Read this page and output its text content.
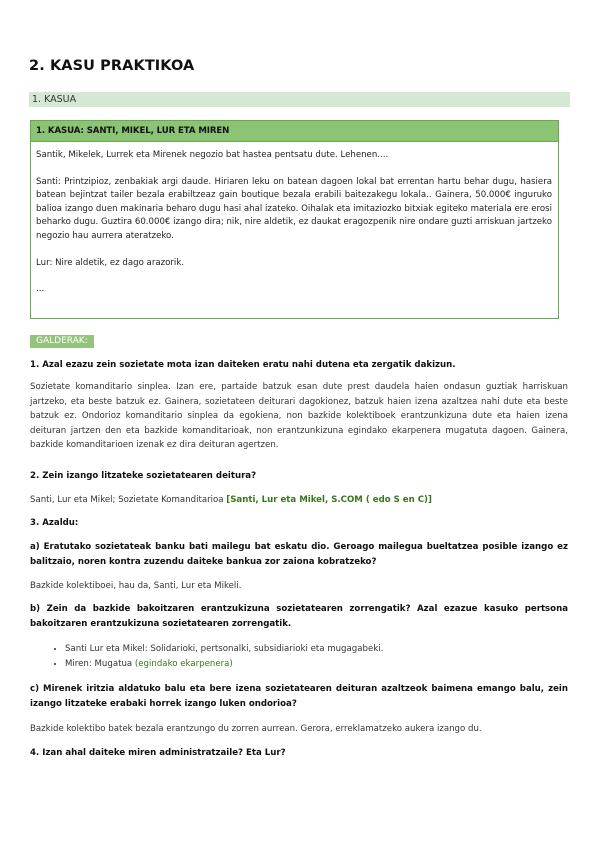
2. KASU PRAKTIKOA
1. KASUA
1. KASUA: SANTI, MIKEL, LUR ETA MIREN

Santik, Mikelek, Lurrek eta Mirenek negozio bat hastea pentsatu dute. Lehenen....

Santi: Printzipioz, zenbakiak argi daude. Hiriaren leku on batean dagoen lokal bat errentan hartu behar dugu, hasiera batean bejintzat tailer bezala erabiltzeaz gain boutique bezala erabili baitezakegu lokala.. Gainera, 50.000€ inguruko balioa izango duen makinaria beharo dugu hasi ahal izateko. Oihalak eta imitaziozko bitxiak egiteko materiala ere erosi beharko dugu. Guztira 60.000€ izango dira; nik, nire aldetik, ez daukat eragozpenik nire ondare guzti arriskuan jartzeko negozio hau aurrera ateratzeko.

Lur: Nire aldetik, ez dago arazorik.

...

GALDERAK:
1. Azal ezazu zein sozietate mota izan daiteken eratu nahi dutena eta zergatik dakizun.
Sozietate komanditario sinplea. Izan ere, partaide batzuk esan dute prest daudela haien ondasun guztiak harriskuan jartzeko, eta beste batzuk ez. Gainera, sozietateen deiturari dagokionez, batzuk haien izena azaltzea nahi dute eta beste batzuk ez. Ondorioz komanditario sinplea da egokiena, non bazkide kolektiboek erantzunkizuna dute eta haien izena deituran jartzen den eta bazkide komanditarioak, non erantzunkizuna egindako ekarpenera mugatuta dagoen. Gainera, bazkide komanditarioen izenak ez dira deituran agertzen.
2. Zein izango litzateke sozietatearen deitura?
Santi, Lur eta Mikel; Sozietate Komanditarioa [Santi, Lur eta Mikel, S.COM ( edo S en C)]
3. Azaldu:
a) Eratutako sozietateak banku bati mailegu bat eskatu dio. Geroago mailegua bueltatzea posible izango ez balitzaio, noren kontra zuzendu daiteke bankua zor zaiona kobratzeko?
Bazkide kolektiboei, hau da, Santi, Lur eta Mikeli.
b) Zein da bazkide bakoitzaren erantzukizuna sozietatearen zorrengatik? Azal ezazue kasuko pertsona bakoitzaren erantzukizuna sozietatearen zorrengatik.
• Santi Lur eta Mikel: Solidarioki, pertsonalki, subsidiarioki eta mugagabeki.
• Miren: Mugatua (egindako ekarpenera)
c) Mirenek iritzia aldatuko balu eta bere izena sozietatearen deituran azaltzeok baimena emango balu, zein izango litzateke erabaki horrek izango luken ondorioa?
Bazkide kolektibo batek bezala erantzungo du zorren aurrean. Gerora, erreklamatzeko aukera izango du.
4. Izan ahal daiteke miren administratzaile? Eta Lur?
